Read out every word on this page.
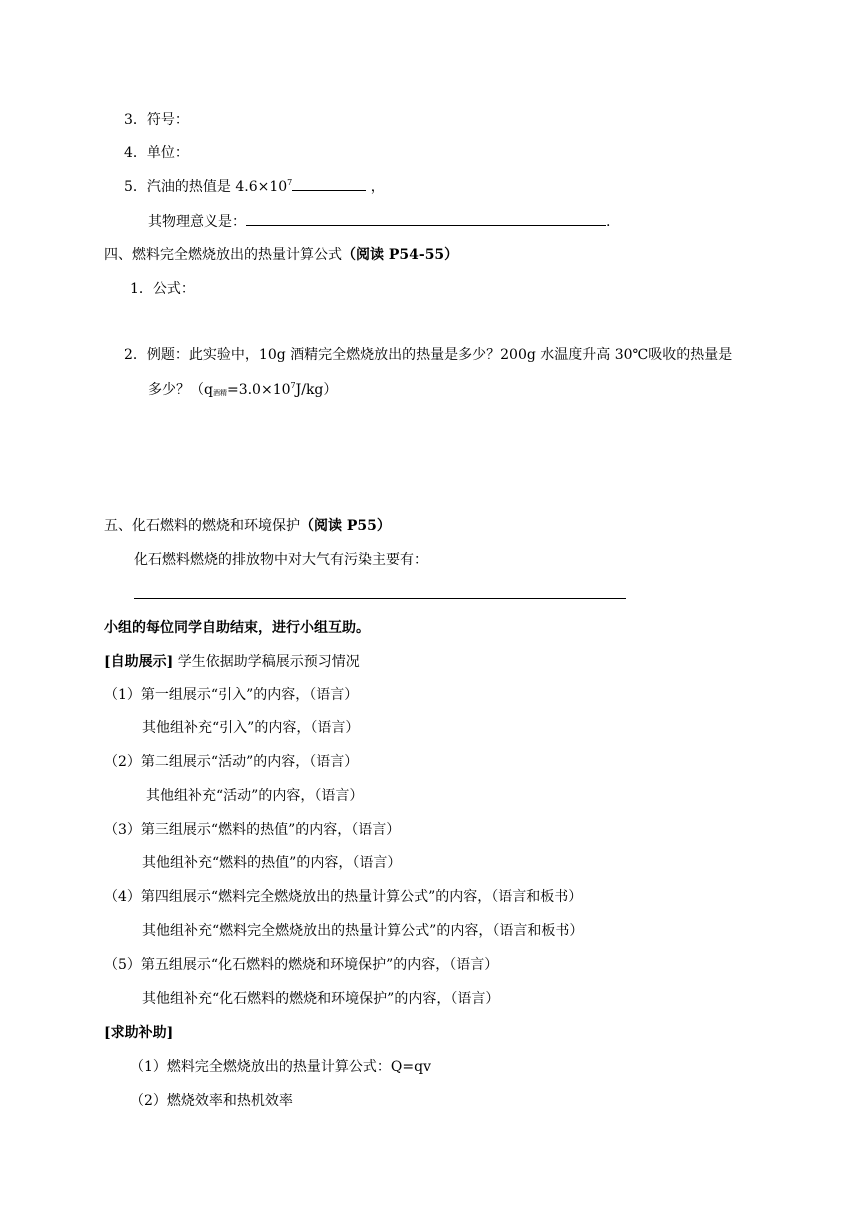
3．符号：
4．单位：
5．汽油的热值是 $4.6\times 10^7$	，
其物理意义是：	.
四、燃料完全燃烧放出的热量计算公式（阅读 P54-55）
1．公式：
2．例题：此实验中，10g 酒精完全燃烧放出的热量是多少？200g 水温度升高 30℃吸收的热量是
多少？$(q_{酒精}=3.0\times 10^7J/kg)$
五、化石燃料的燃烧和环境保护（阅读 P55）
化石燃料燃烧的排放物中对大气有污染主要有：
小组的每位同学自助结束，进行小组互助。
[自助展示] 学生依据助学稿展示预习情况
（1）第一组展示“引入”的内容，（语言）
其他组补充“引入”的内容，（语言）
（2）第二组展示“活动”的内容，（语言）
其他组补充“活动”的内容，（语言）
（3）第三组展示“燃料的热值”的内容，（语言）
其他组补充“燃料的热值”的内容，（语言）
（4）第四组展示“燃料完全燃烧放出的热量计算公式”的内容，（语言和板书）
其他组补充“燃料完全燃烧放出的热量计算公式”的内容，（语言和板书）
（5）第五组展示“化石燃料的燃烧和环境保护”的内容，（语言）
其他组补充“化石燃料的燃烧和环境保护”的内容，（语言）
[求助补助]
（1）燃料完全燃烧放出的热量计算公式：Q=qv
（2）燃烧效率和热机效率
